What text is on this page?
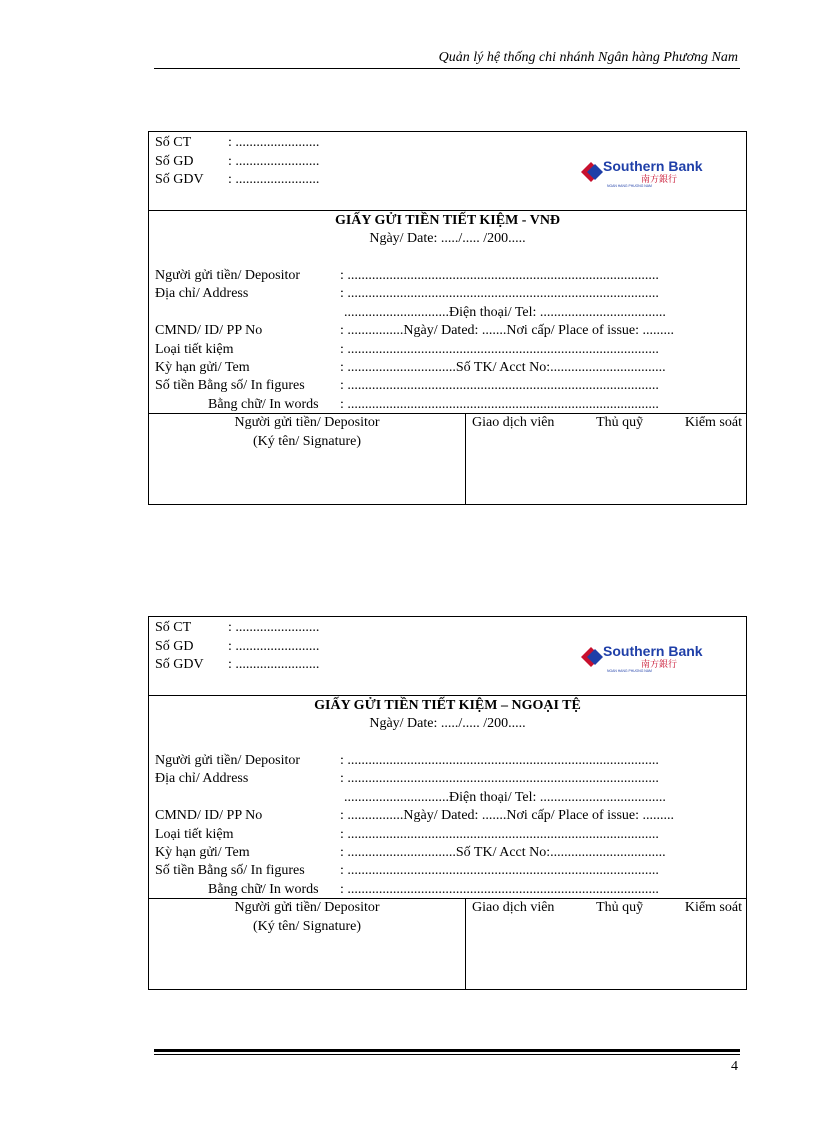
Quản lý hệ thống chi nhánh Ngân hàng Phương Nam
Số CT	: ........................
Số GD	: ........................
Số GDV	: ........................
Southern Bank
南方銀行
NGAN HANG PHUONG NAM
GIẤY GỬI TIỀN TIẾT KIỆM - VNĐ
Ngày/ Date: ...../..... /200.....
Người gửi tiền/ Depositor	: .........................................................................................
Địa chỉ/ Address	: .........................................................................................
..............................Điện thoại/ Tel: ....................................
CMND/ ID/ PP No	: ................Ngày/ Dated: .......Nơi cấp/ Place of issue: .........
Loại tiết kiệm	: .........................................................................................
Kỳ hạn gửi/ Tem	: ...............................Số TK/ Acct No:.................................
Số tiền Bằng số/ In figures	: .........................................................................................
Bằng chữ/ In words	: .........................................................................................
Người gửi tiền/ Depositor
(Ký tên/ Signature)
Giao dịch viên	Thủ quỹ	Kiểm soát
Số CT	: ........................
Số GD	: ........................
Số GDV	: ........................
Southern Bank
南方銀行
NGAN HANG PHUONG NAM
GIẤY GỬI TIỀN TIẾT KIỆM – NGOẠI TỆ
Ngày/ Date: ...../..... /200.....
Người gửi tiền/ Depositor	: .........................................................................................
Địa chỉ/ Address	: .........................................................................................
..............................Điện thoại/ Tel: ....................................
CMND/ ID/ PP No	: ................Ngày/ Dated: .......Nơi cấp/ Place of issue: .........
Loại tiết kiệm	: .........................................................................................
Kỳ hạn gửi/ Tem	: ...............................Số TK/ Acct No:.................................
Số tiền Bằng số/ In figures	: .........................................................................................
Bằng chữ/ In words	: .........................................................................................
Người gửi tiền/ Depositor
(Ký tên/ Signature)
Giao dịch viên	Thủ quỹ	Kiểm soát
4
